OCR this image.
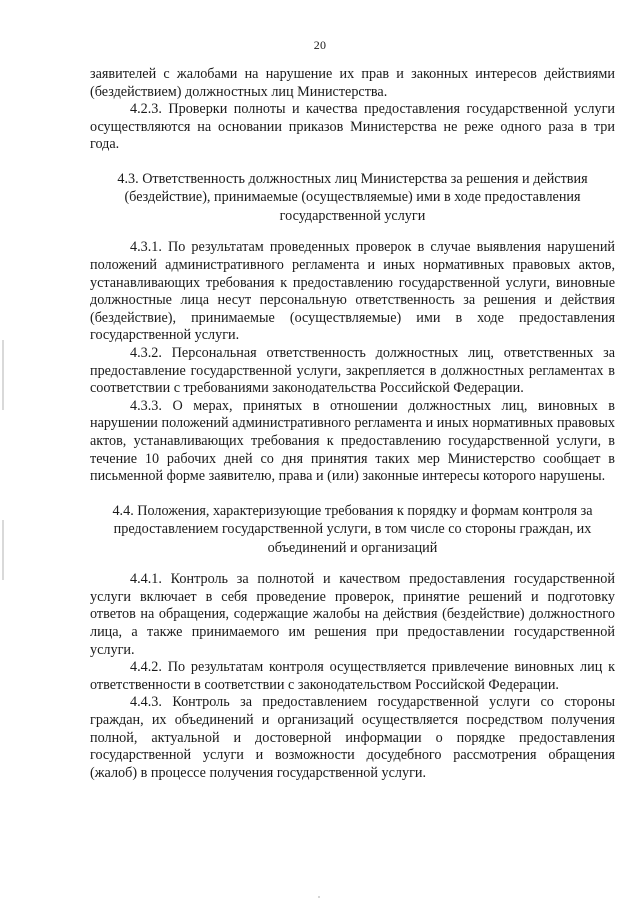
20

заявителей с жалобами на нарушение их прав и законных интересов действиями (бездействием) должностных лиц Министерства.

4.2.3. Проверки полноты и качества предоставления государственной услуги осуществляются на основании приказов Министерства не реже одного раза в три года.

4.3. Ответственность должностных лиц Министерства за решения и действия (бездействие), принимаемые (осуществляемые) ими в ходе предоставления государственной услуги

4.3.1. По результатам проведенных проверок в случае выявления нарушений положений административного регламента и иных нормативных правовых актов, устанавливающих требования к предоставлению государственной услуги, виновные должностные лица несут персональную ответственность за решения и действия (бездействие), принимаемые (осуществляемые) ими в ходе предоставления государственной услуги.

4.3.2. Персональная ответственность должностных лиц, ответственных за предоставление государственной услуги, закрепляется в должностных регламентах в соответствии с требованиями законодательства Российской Федерации.

4.3.3. О мерах, принятых в отношении должностных лиц, виновных в нарушении положений административного регламента и иных нормативных правовых актов, устанавливающих требования к предоставлению государственной услуги, в течение 10 рабочих дней со дня принятия таких мер Министерство сообщает в письменной форме заявителю, права и (или) законные интересы которого нарушены.

4.4. Положения, характеризующие требования к порядку и формам контроля за предоставлением государственной услуги, в том числе со стороны граждан, их объединений и организаций

4.4.1. Контроль за полнотой и качеством предоставления государственной услуги включает в себя проведение проверок, принятие решений и подготовку ответов на обращения, содержащие жалобы на действия (бездействие) должностного лица, а также принимаемого им решения при предоставлении государственной услуги.

4.4.2. По результатам контроля осуществляется привлечение виновных лиц к ответственности в соответствии с законодательством Российской Федерации.

4.4.3. Контроль за предоставлением государственной услуги со стороны граждан, их объединений и организаций осуществляется посредством получения полной, актуальной и достоверной информации о порядке предоставления государственной услуги и возможности досудебного рассмотрения обращения (жалоб) в процессе получения государственной услуги.
